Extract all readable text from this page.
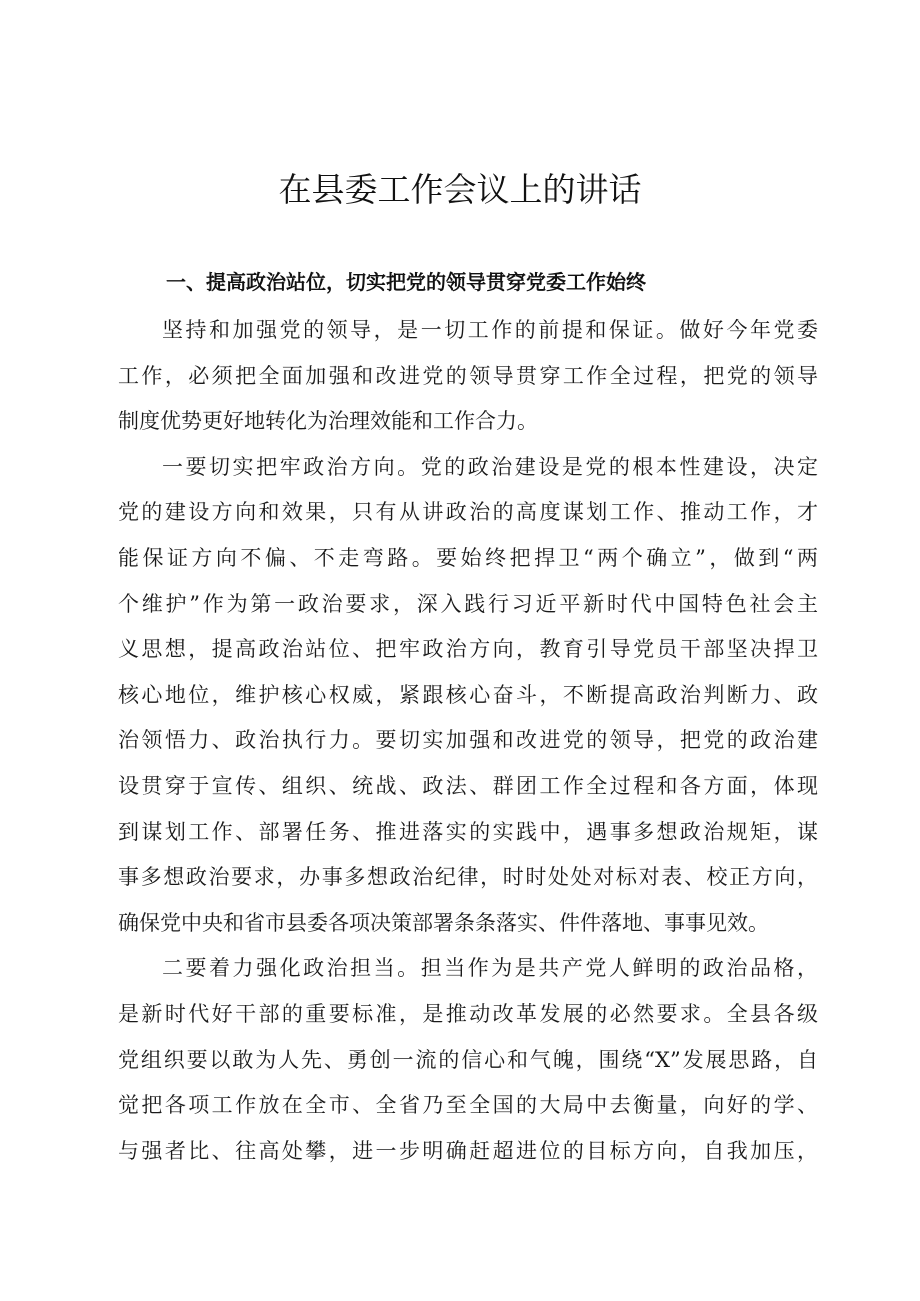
在县委工作会议上的讲话
一、提高政治站位，切实把党的领导贯穿党委工作始终

坚持和加强党的领导，是一切工作的前提和保证。做好今年党委
工作，必须把全面加强和改进党的领导贯穿工作全过程，把党的领导
制度优势更好地转化为治理效能和工作合力。

一要切实把牢政治方向。党的政治建设是党的根本性建设，决定
党的建设方向和效果，只有从讲政治的高度谋划工作、推动工作，才
能保证方向不偏、不走弯路。要始终把捍卫“两个确立”，做到“两
个维护”作为第一政治要求，深入践行习近平新时代中国特色社会主
义思想，提高政治站位、把牢政治方向，教育引导党员干部坚决捍卫
核心地位，维护核心权威，紧跟核心奋斗，不断提高政治判断力、政
治领悟力、政治执行力。要切实加强和改进党的领导，把党的政治建
设贯穿于宣传、组织、统战、政法、群团工作全过程和各方面，体现
到谋划工作、部署任务、推进落实的实践中，遇事多想政治规矩，谋
事多想政治要求，办事多想政治纪律，时时处处对标对表、校正方向，
确保党中央和省市县委各项决策部署条条落实、件件落地、事事见效。

二要着力强化政治担当。担当作为是共产党人鲜明的政治品格，
是新时代好干部的重要标准，是推动改革发展的必然要求。全县各级
党组织要以敢为人先、勇创一流的信心和气魄，围绕“X”发展思路，自
觉把各项工作放在全市、全省乃至全国的大局中去衡量，向好的学、
与强者比、往高处攀，进一步明确赶超进位的目标方向，自我加压，
